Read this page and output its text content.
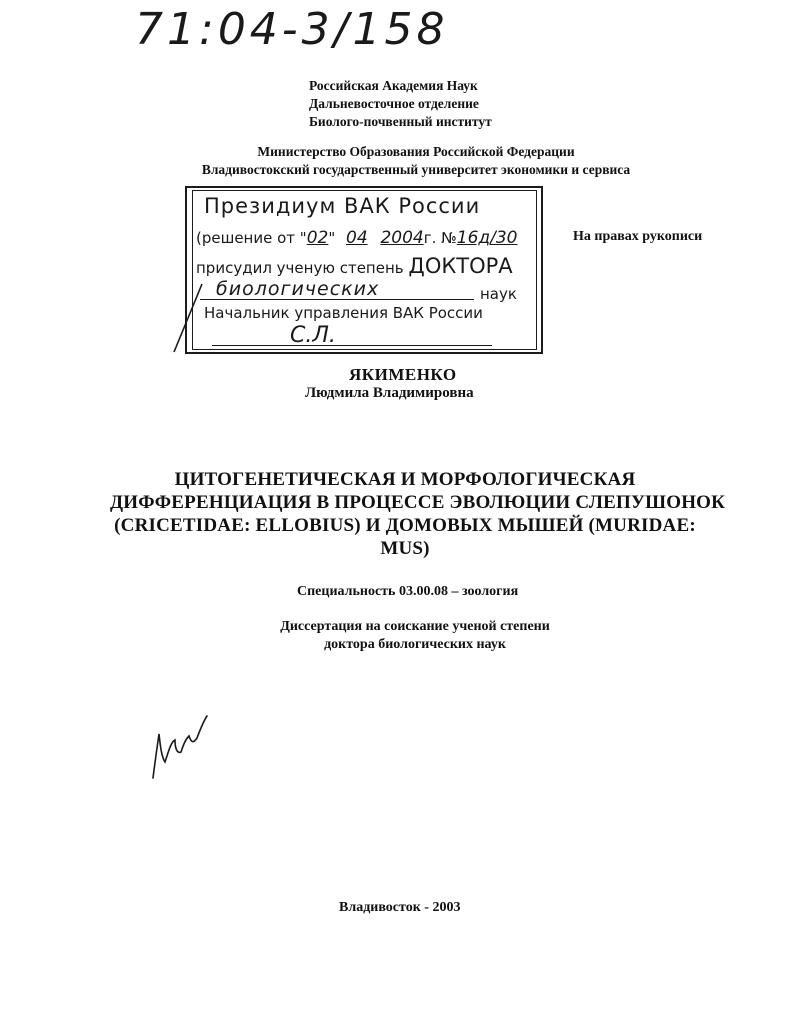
71:04-3/158
Российская Академия Наук
Дальневосточное отделение
Биолого-почвенный институт
Министерство Образования Российской Федерации
Владивостокский государственный университет экономики и сервиса
Президиум ВАК России
(решение от "02" 04 2004г. №16д/30
присудил ученую степень ДОКТОРА
биологических	наук
Начальник управления ВАК России
С.Л.
На правах рукописи
ЯКИМЕНКО
Людмила Владимировна
ЦИТОГЕНЕТИЧЕСКАЯ И МОРФОЛОГИЧЕСКАЯ
ДИФФЕРЕНЦИАЦИЯ В ПРОЦЕССЕ ЭВОЛЮЦИИ СЛЕПУШОНОК
(CRICETIDAE: ELLOBIUS) И ДОМОВЫХ МЫШЕЙ (MURIDAE:
MUS)
Специальность 03.00.08 – зоология
Диссертация на соискание ученой степени
доктора биологических наук
Якш
Владивосток - 2003
